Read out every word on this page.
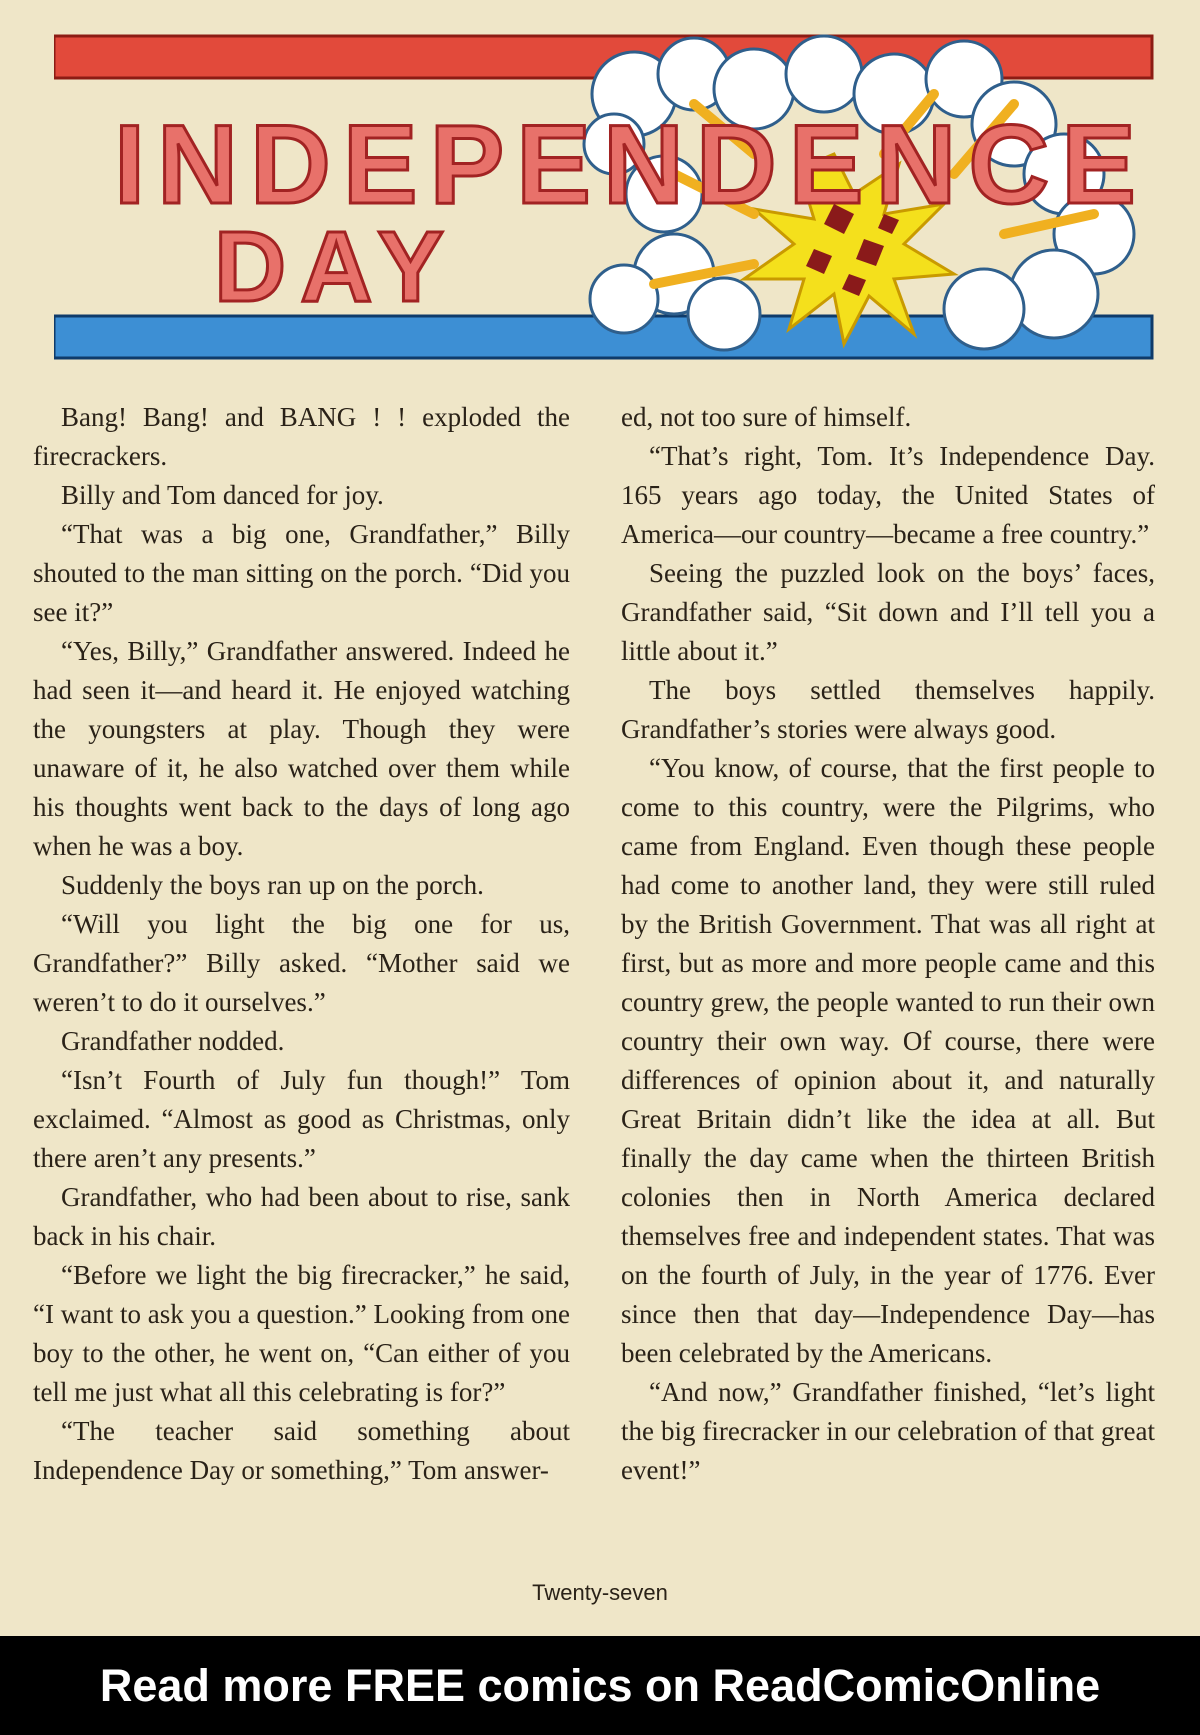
INDEPENDENCE
DAY

Bang! Bang! and BANG ! ! exploded the firecrackers.

Billy and Tom danced for joy.

“That was a big one, Grandfather,” Billy shouted to the man sitting on the porch. “Did you see it?”

“Yes, Billy,” Grandfather answered. Indeed he had seen it—and heard it. He enjoyed watching the youngsters at play. Though they were unaware of it, he also watched over them while his thoughts went back to the days of long ago when he was a boy.

Suddenly the boys ran up on the porch.

“Will you light the big one for us, Grandfather?” Billy asked. “Mother said we weren’t to do it ourselves.”

Grandfather nodded.

“Isn’t Fourth of July fun though!” Tom exclaimed. “Almost as good as Christmas, only there aren’t any presents.”

Grandfather, who had been about to rise, sank back in his chair.

“Before we light the big firecracker,” he said, “I want to ask you a question.” Looking from one boy to the other, he went on, “Can either of you tell me just what all this celebrating is for?”

“The teacher said something about Independence Day or something,” Tom answer-

ed, not too sure of himself.

“That’s right, Tom. It’s Independence Day. 165 years ago today, the United States of America—our country—became a free country.”

Seeing the puzzled look on the boys’ faces, Grandfather said, “Sit down and I’ll tell you a little about it.”

The boys settled themselves happily. Grandfather’s stories were always good.

“You know, of course, that the first people to come to this country, were the Pilgrims, who came from England. Even though these people had come to another land, they were still ruled by the British Government. That was all right at first, but as more and more people came and this country grew, the people wanted to run their own country their own way. Of course, there were differences of opinion about it, and naturally Great Britain didn’t like the idea at all. But finally the day came when the thirteen British colonies then in North America declared themselves free and independent states. That was on the fourth of July, in the year of 1776. Ever since then that day—Independence Day—has been celebrated by the Americans.

“And now,” Grandfather finished, “let’s light the big firecracker in our celebration of that great event!”

Twenty-seven
Read more FREE comics on ReadComicOnline
